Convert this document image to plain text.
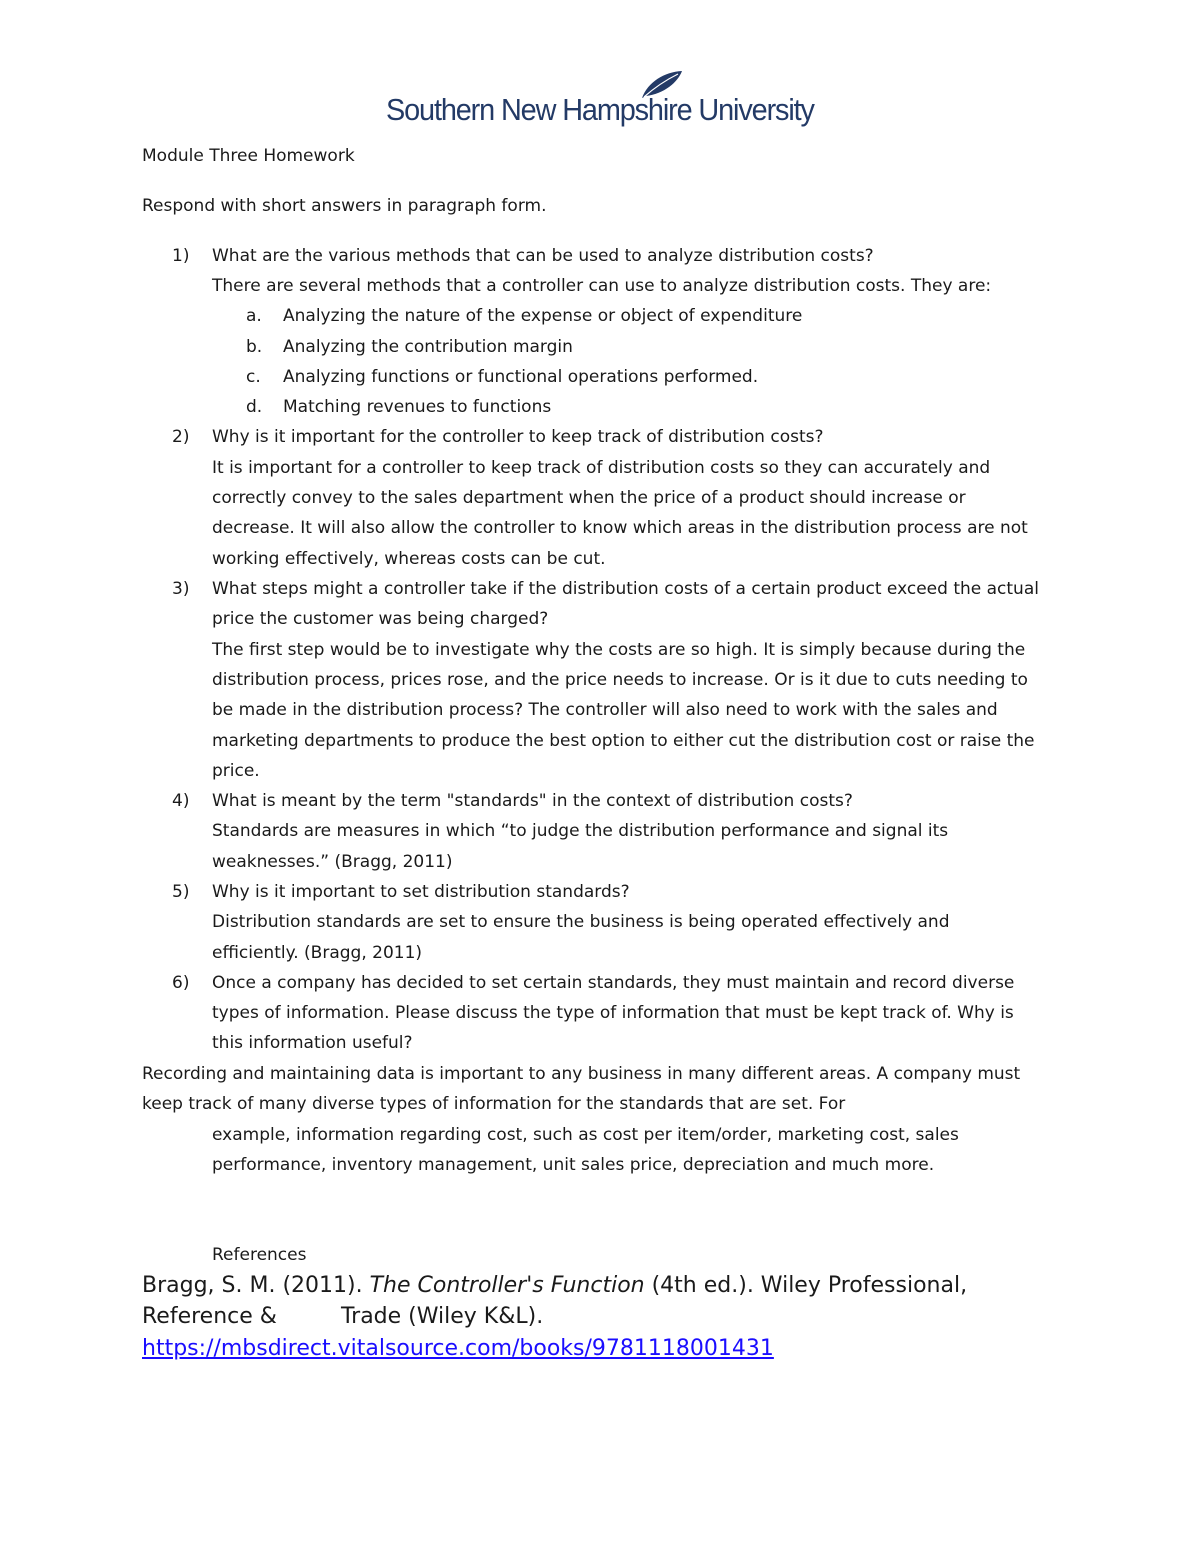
Southern New Hampshire University

Module Three Homework

Respond with short answers in paragraph form.

1) What are the various methods that can be used to analyze distribution costs?

There are several methods that a controller can use to analyze distribution costs. They are:

a. Analyzing the nature of the expense or object of expenditure

b. Analyzing the contribution margin

c. Analyzing functions or functional operations performed.

d. Matching revenues to functions

2) Why is it important for the controller to keep track of distribution costs?

It is important for a controller to keep track of distribution costs so they can accurately and

correctly convey to the sales department when the price of a product should increase or

decrease. It will also allow the controller to know which areas in the distribution process are not

working effectively, whereas costs can be cut.

3) What steps might a controller take if the distribution costs of a certain product exceed the actual

price the customer was being charged?

The first step would be to investigate why the costs are so high. It is simply because during the

distribution process, prices rose, and the price needs to increase. Or is it due to cuts needing to

be made in the distribution process? The controller will also need to work with the sales and

marketing departments to produce the best option to either cut the distribution cost or raise the

price.

4) What is meant by the term "standards" in the context of distribution costs?

Standards are measures in which “to judge the distribution performance and signal its

weaknesses.” (Bragg, 2011)

5) Why is it important to set distribution standards?

Distribution standards are set to ensure the business is being operated effectively and

efficiently. (Bragg, 2011)

6) Once a company has decided to set certain standards, they must maintain and record diverse

types of information. Please discuss the type of information that must be kept track of. Why is

this information useful?

Recording and maintaining data is important to any business in many different areas. A company must

keep track of many diverse types of information for the standards that are set. For

example, information regarding cost, such as cost per item/order, marketing cost, sales

performance, inventory management, unit sales price, depreciation and much more.

References

Bragg, S. M. (2011). The Controller's Function (4th ed.). Wiley Professional,

Reference &	Trade (Wiley K&L).

https://mbsdirect.vitalsource.com/books/9781118001431
